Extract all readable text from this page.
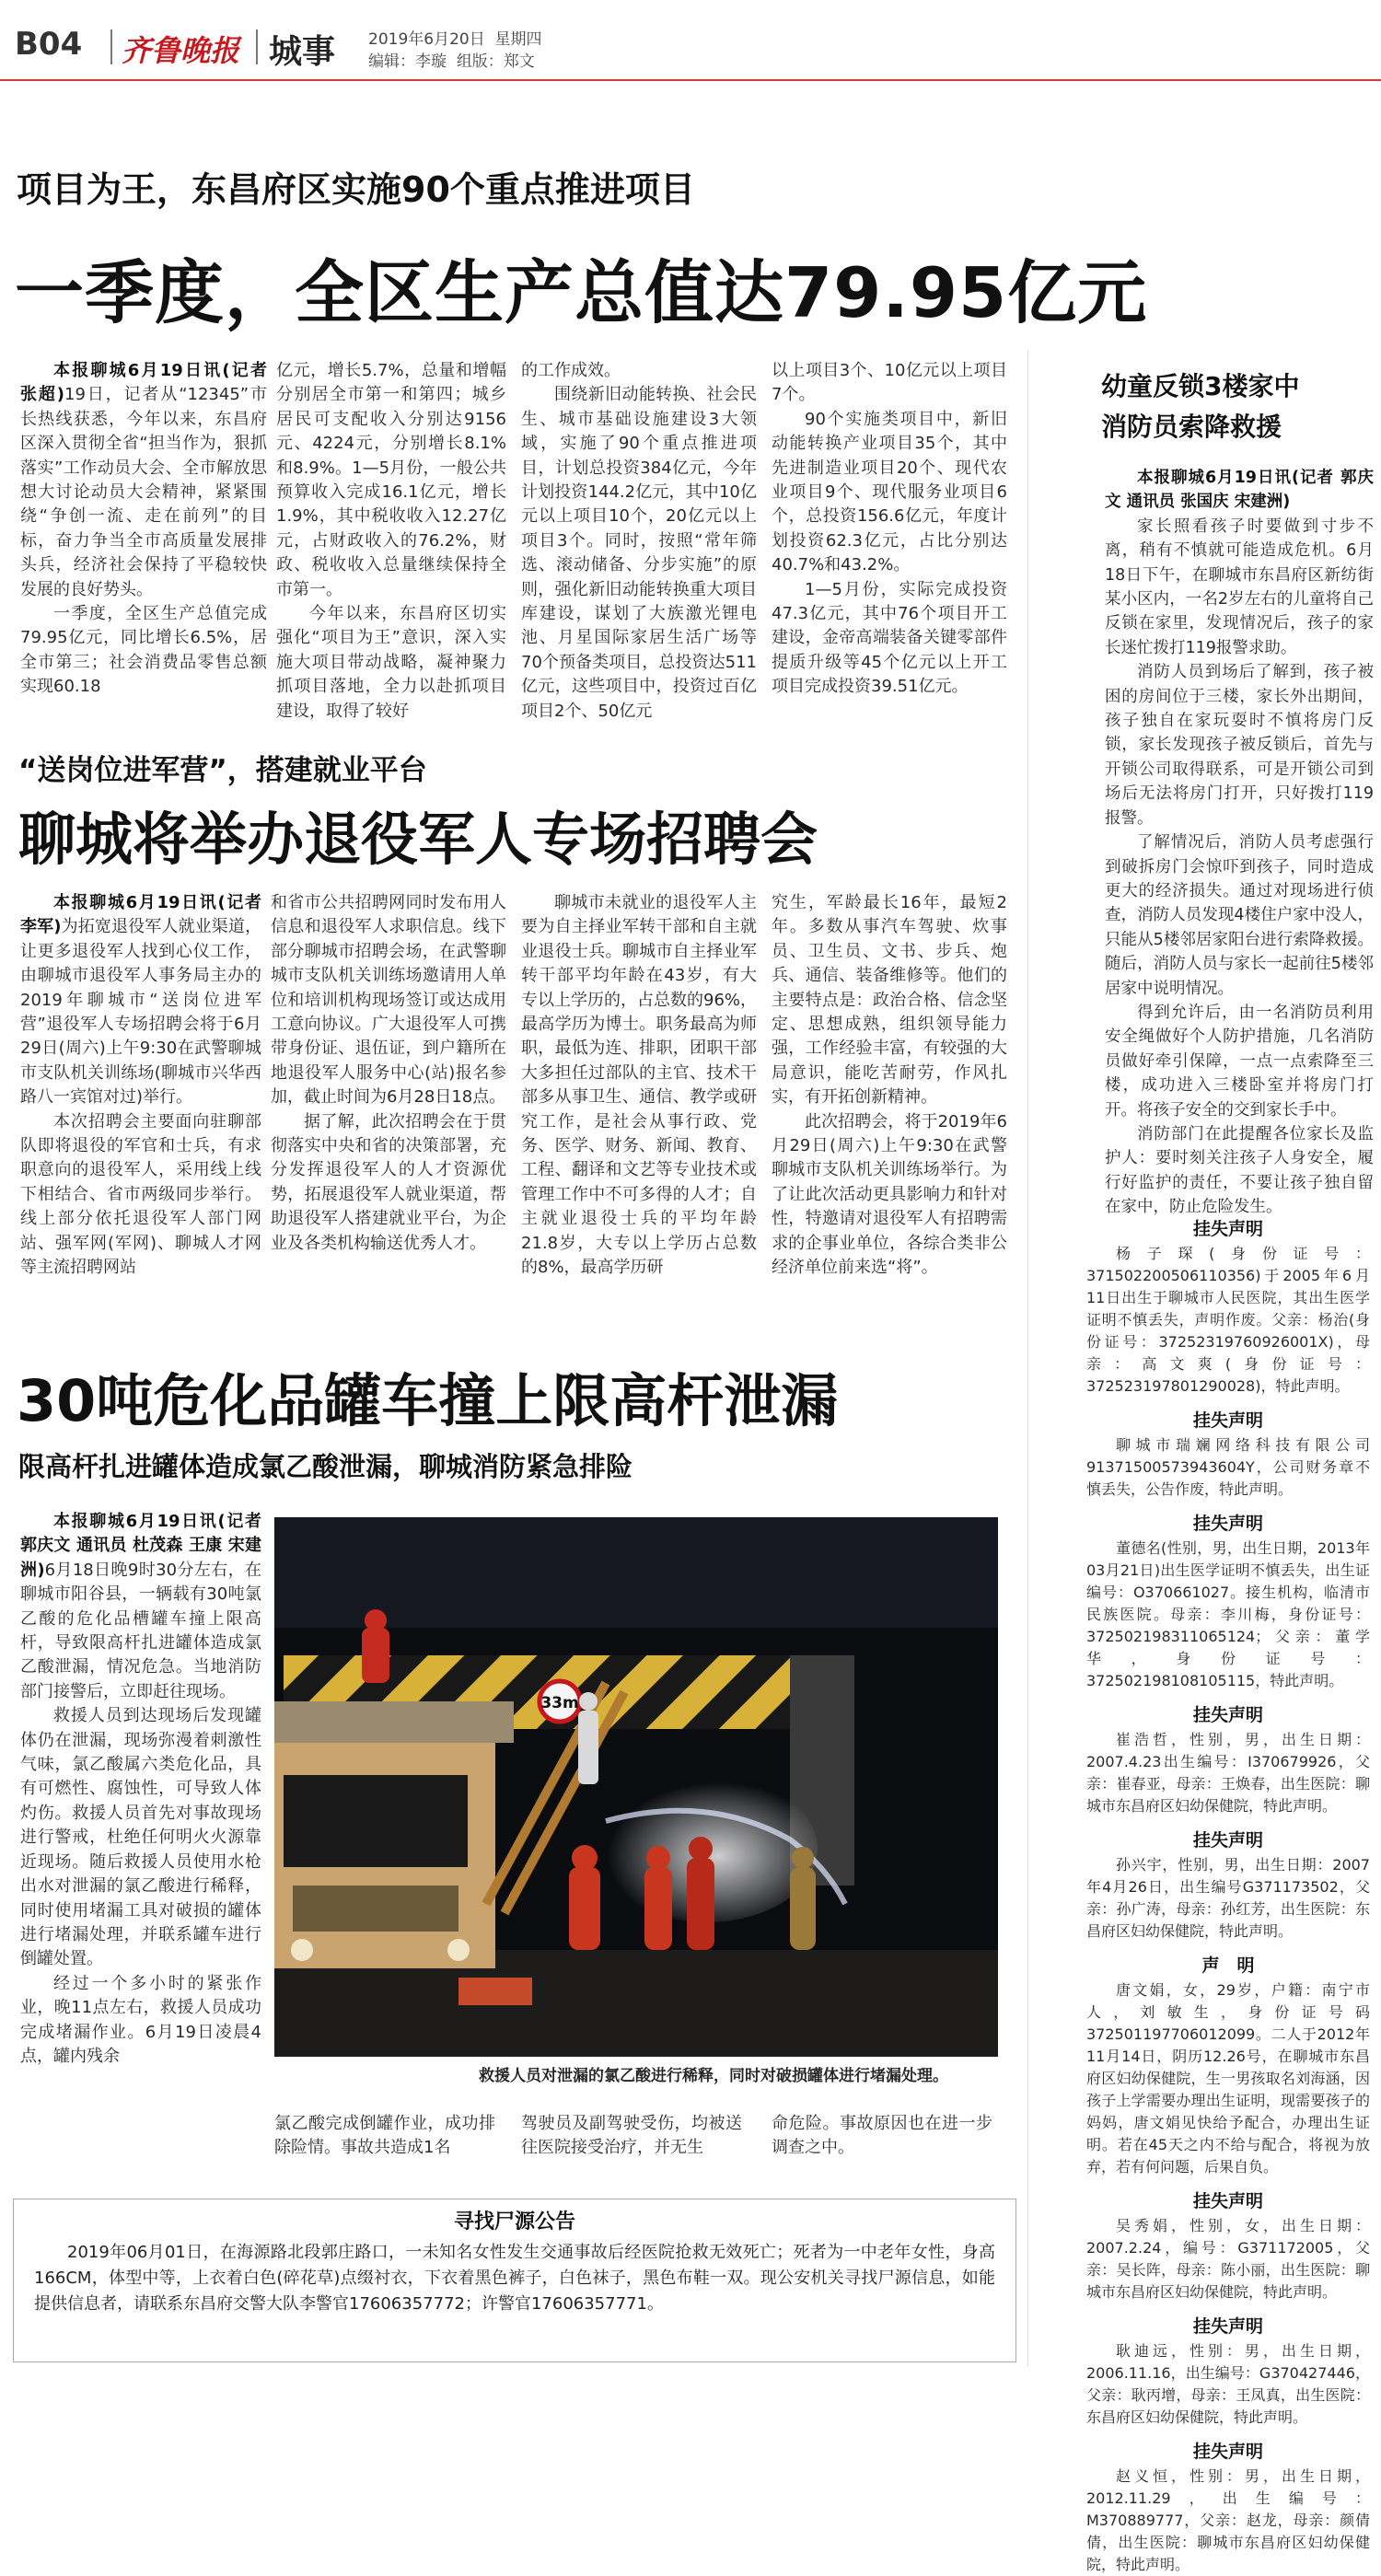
B04 齐鲁晚报 城事 2019年6月20日 星期四
编辑：李璇 组版：郑文
项目为王，东昌府区实施90个重点推进项目
一季度，全区生产总值达79.95亿元

本报聊城6月19日讯(记者 张超)19日，记者从“12345”市长热线获悉，今年以来，东昌府区深入贯彻全省“担当作为，狠抓落实”工作动员大会、全市解放思想大讨论动员大会精神，紧紧围绕“争创一流、走在前列”的目标，奋力争当全市高质量发展排头兵，经济社会保持了平稳较快发展的良好势头。

一季度，全区生产总值完成79.95亿元，同比增长6.5%，居全市第三；社会消费品零售总额实现60.18

亿元，增长5.7%，总量和增幅分别居全市第一和第四；城乡居民可支配收入分别达9156元、4224元，分别增长8.1%和8.9%。1—5月份，一般公共预算收入完成16.1亿元，增长1.9%，其中税收收入12.27亿元，占财政收入的76.2%，财政、税收收入总量继续保持全市第一。

今年以来，东昌府区切实强化“项目为王”意识，深入实施大项目带动战略，凝神聚力抓项目落地，全力以赴抓项目建设，取得了较好

的工作成效。

围绕新旧动能转换、社会民生、城市基础设施建设3大领域，实施了90个重点推进项目，计划总投资384亿元，今年计划投资144.2亿元，其中10亿元以上项目10个，20亿元以上项目3个。同时，按照“常年筛选、滚动储备、分步实施”的原则，强化新旧动能转换重大项目库建设，谋划了大族激光锂电池、月星国际家居生活广场等70个预备类项目，总投资达511亿元，这些项目中，投资过百亿项目2个、50亿元

以上项目3个、10亿元以上项目7个。

90个实施类项目中，新旧动能转换产业项目35个，其中先进制造业项目20个、现代农业项目9个、现代服务业项目6个，总投资156.6亿元，年度计划投资62.3亿元，占比分别达40.7%和43.2%。

1—5月份，实际完成投资47.3亿元，其中76个项目开工建设，金帝高端装备关键零部件提质升级等45个亿元以上开工项目完成投资39.51亿元。

“送岗位进军营”，搭建就业平台
聊城将举办退役军人专场招聘会

本报聊城6月19日讯(记者 李军)为拓宽退役军人就业渠道，让更多退役军人找到心仪工作，由聊城市退役军人事务局主办的2019年聊城市“送岗位进军营”退役军人专场招聘会将于6月29日(周六)上午9:30在武警聊城市支队机关训练场(聊城市兴华西路八一宾馆对过)举行。

本次招聘会主要面向驻聊部队即将退役的军官和士兵，有求职意向的退役军人，采用线上线下相结合、省市两级同步举行。线上部分依托退役军人部门网站、强军网(军网)、聊城人才网等主流招聘网站

和省市公共招聘网同时发布用人信息和退役军人求职信息。线下部分聊城市招聘会场，在武警聊城市支队机关训练场邀请用人单位和培训机构现场签订或达成用工意向协议。广大退役军人可携带身份证、退伍证，到户籍所在地退役军人服务中心(站)报名参加，截止时间为6月28日18点。

据了解，此次招聘会在于贯彻落实中央和省的决策部署，充分发挥退役军人的人才资源优势，拓展退役军人就业渠道，帮助退役军人搭建就业平台，为企业及各类机构输送优秀人才。

聊城市未就业的退役军人主要为自主择业军转干部和自主就业退役士兵。聊城市自主择业军转干部平均年龄在43岁，有大专以上学历的，占总数的96%，最高学历为博士。职务最高为师职，最低为连、排职，团职干部大多担任过部队的主官、技术干部多从事卫生、通信、教学或研究工作，是社会从事行政、党务、医学、财务、新闻、教育、工程、翻译和文艺等专业技术或管理工作中不可多得的人才；自主就业退役士兵的平均年龄21.8岁，大专以上学历占总数的8%，最高学历研

究生，军龄最长16年，最短2年。多数从事汽车驾驶、炊事员、卫生员、文书、步兵、炮兵、通信、装备维修等。他们的主要特点是：政治合格、信念坚定、思想成熟，组织领导能力强，工作经验丰富，有较强的大局意识，能吃苦耐劳，作风扎实，有开拓创新精神。

此次招聘会，将于2019年6月29日(周六)上午9:30在武警聊城市支队机关训练场举行。为了让此次活动更具影响力和针对性，特邀请对退役军人有招聘需求的企事业单位，各综合类非公经济单位前来选“将”。

30吨危化品罐车撞上限高杆泄漏
限高杆扎进罐体造成氯乙酸泄漏，聊城消防紧急排险

本报聊城6月19日讯(记者 郭庆文 通讯员 杜茂森 王康 宋建洲)6月18日晚9时30分左右，在聊城市阳谷县，一辆载有30吨氯乙酸的危化品槽罐车撞上限高杆，导致限高杆扎进罐体造成氯乙酸泄漏，情况危急。当地消防部门接警后，立即赶往现场。

救援人员到达现场后发现罐体仍在泄漏，现场弥漫着刺激性气味，氯乙酸属六类危化品，具有可燃性、腐蚀性，可导致人体灼伤。救援人员首先对事故现场进行警戒，杜绝任何明火火源靠近现场。随后救援人员使用水枪出水对泄漏的氯乙酸进行稀释，同时使用堵漏工具对破损的罐体进行堵漏处理，并联系罐车进行倒罐处置。

经过一个多小时的紧张作业，晚11点左右，救援人员成功完成堵漏作业。6月19日凌晨4点，罐内残余

33m
救援人员对泄漏的氯乙酸进行稀释，同时对破损罐体进行堵漏处理。

氯乙酸完成倒罐作业，成功排除险情。事故共造成1名

驾驶员及副驾驶受伤，均被送往医院接受治疗，并无生

命危险。事故原因也在进一步调查之中。

寻找尸源公告
2019年06月01日，在海源路北段郭庄路口，一未知名女性发生交通事故后经医院抢救无效死亡；死者为一中老年女性，身高166CM，体型中等，上衣着白色(碎花草)点缀衬衣，下衣着黑色裤子，白色袜子，黑色布鞋一双。现公安机关寻找尸源信息，如能提供信息者，请联系东昌府交警大队李警官17606357772；许警官17606357771。
幼童反锁3楼家中
消防员索降救援

本报聊城6月19日讯(记者 郭庆文 通讯员 张国庆 宋建洲)

家长照看孩子时要做到寸步不离，稍有不慎就可能造成危机。6月18日下午，在聊城市东昌府区新纺街某小区内，一名2岁左右的儿童将自己反锁在家里，发现情况后，孩子的家长迷忙拨打119报警求助。

消防人员到场后了解到，孩子被困的房间位于三楼，家长外出期间，孩子独自在家玩耍时不慎将房门反锁，家长发现孩子被反锁后，首先与开锁公司取得联系，可是开锁公司到场后无法将房门打开，只好拨打119报警。

了解情况后，消防人员考虑强行到破拆房门会惊吓到孩子，同时造成更大的经济损失。通过对现场进行侦查，消防人员发现4楼住户家中没人，只能从5楼邻居家阳台进行索降救援。随后，消防人员与家长一起前往5楼邻居家中说明情况。

得到允许后，由一名消防员利用安全绳做好个人防护措施，几名消防员做好牵引保障，一点一点索降至三楼，成功进入三楼卧室并将房门打开。将孩子安全的交到家长手中。

消防部门在此提醒各位家长及监护人：要时刻关注孩子人身安全，履行好监护的责任，不要让孩子独自留在家中，防止危险发生。

挂失声明
杨子琛(身份证号：371502200506110356)于2005年6月11日出生于聊城市人民医院，其出生医学证明不慎丢失，声明作废。父亲：杨治(身份证号：37252319760926001X)，母亲：高文爽(身份证号：372523197801290028)，特此声明。
挂失声明
聊城市瑞斓网络科技有限公司91371500573943604Y，公司财务章不慎丢失，公告作废，特此声明。
挂失声明
董德名(性别，男，出生日期，2013年03月21日)出生医学证明不慎丢失，出生证编号：O370661027。接生机构，临清市民族医院。母亲：李川梅，身份证号：372502198311065124；父亲：董学华，身份证号：372502198108105115，特此声明。
挂失声明
崔浩哲，性别，男，出生日期：2007.4.23出生编号：I370679926，父亲：崔春亚，母亲：王焕春，出生医院：聊城市东昌府区妇幼保健院，特此声明。
挂失声明
孙兴宇，性别，男，出生日期：2007年4月26日，出生编号G371173502，父亲：孙广涛，母亲：孙红芳，出生医院：东昌府区妇幼保健院，特此声明。
声　明
唐文娟，女，29岁，户籍：南宁市人，刘敏生，身份证号码372501197706012099。二人于2012年11月14日，阴历12.26号，在聊城市东昌府区妇幼保健院，生一男孩取名刘海涵，因孩子上学需要办理出生证明，现需要孩子的妈妈，唐文娟见快给予配合，办理出生证明。若在45天之内不给与配合，将视为放弃，若有何问题，后果自负。
挂失声明
吴秀娟，性别，女，出生日期：2007.2.24，编号：G371172005，父亲：吴长阵，母亲：陈小丽，出生医院：聊城市东昌府区妇幼保健院，特此声明。
挂失声明
耿迪远，性别：男，出生日期，2006.11.16，出生编号：G370427446，父亲：耿丙增，母亲：王凤真，出生医院：东昌府区妇幼保健院，特此声明。
挂失声明
赵义恒，性别：男，出生日期，2012.11.29，出生编号：M370889777，父亲：赵龙，母亲：颜倩倩，出生医院：聊城市东昌府区妇幼保健院，特此声明。
